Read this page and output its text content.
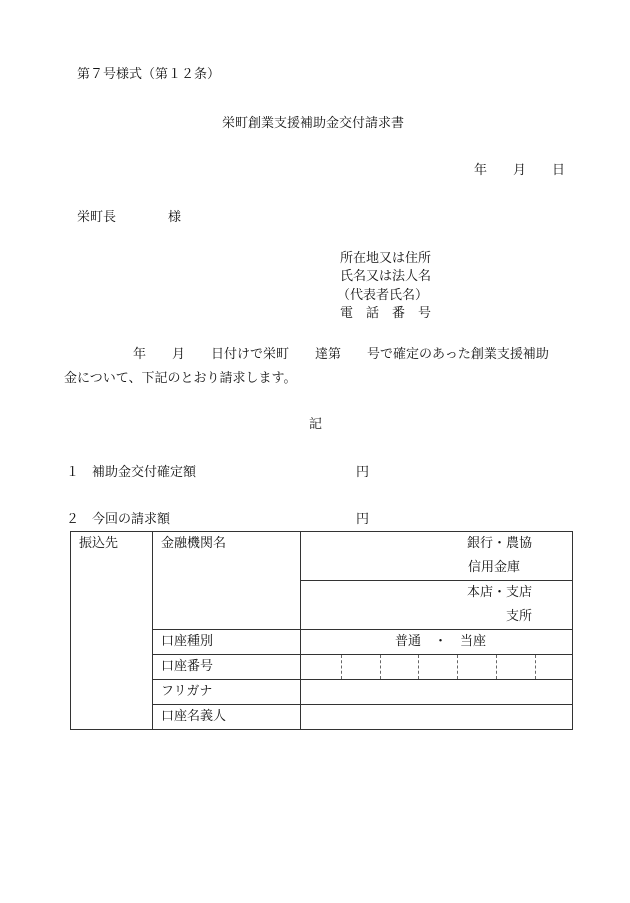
第７号様式（第１２条）
栄町創業支援補助金交付請求書
年　　月　　日
栄町長　　　　様
所在地又は住所
氏名又は法人名
（代表者氏名）
電　話　番　号
年　　月　　日付けで栄町　　達第　　号で確定のあった創業支援補助
金について、下記のとおり請求します。
記
１　補助金交付確定額	円
２　今回の請求額	円
振込先	金融機関名	銀行・農協
信用金庫
本店・支店
支所

	口座種別	普通　・　当座
	口座番号	

	フリガナ	
	口座名義人	
